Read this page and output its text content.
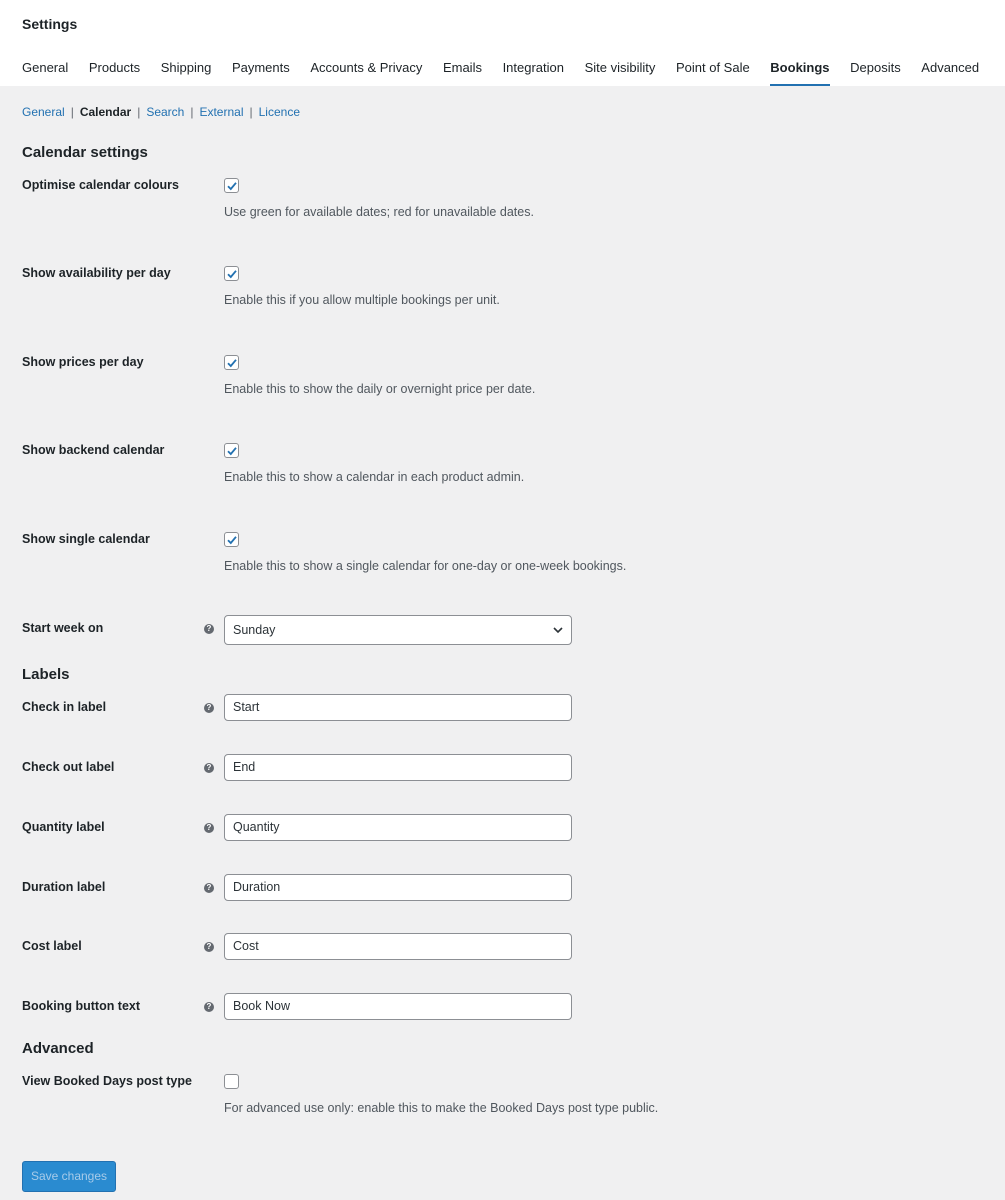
Settings
General Products Shipping Payments Accounts & Privacy Emails Integration Site visibility Point of Sale Bookings Deposits Advanced
General | Calendar | Search | External | Licence
Calendar settings
Optimise calendar colours
Use green for available dates; red for unavailable dates.
Show availability per day
Enable this if you allow multiple bookings per unit.
Show prices per day
Enable this to show the daily or overnight price per date.
Show backend calendar
Enable this to show a calendar in each product admin.
Show single calendar
Enable this to show a single calendar for one-day or one-week bookings.
Start week on	?	Sunday
Labels
Check in label	?	Start
Check out label	?	End
Quantity label	?	Quantity
Duration label	?	Duration
Cost label	?	Cost
Booking button text	?	Book Now
Advanced
View Booked Days post type
For advanced use only: enable this to make the Booked Days post type public.
Save changes
